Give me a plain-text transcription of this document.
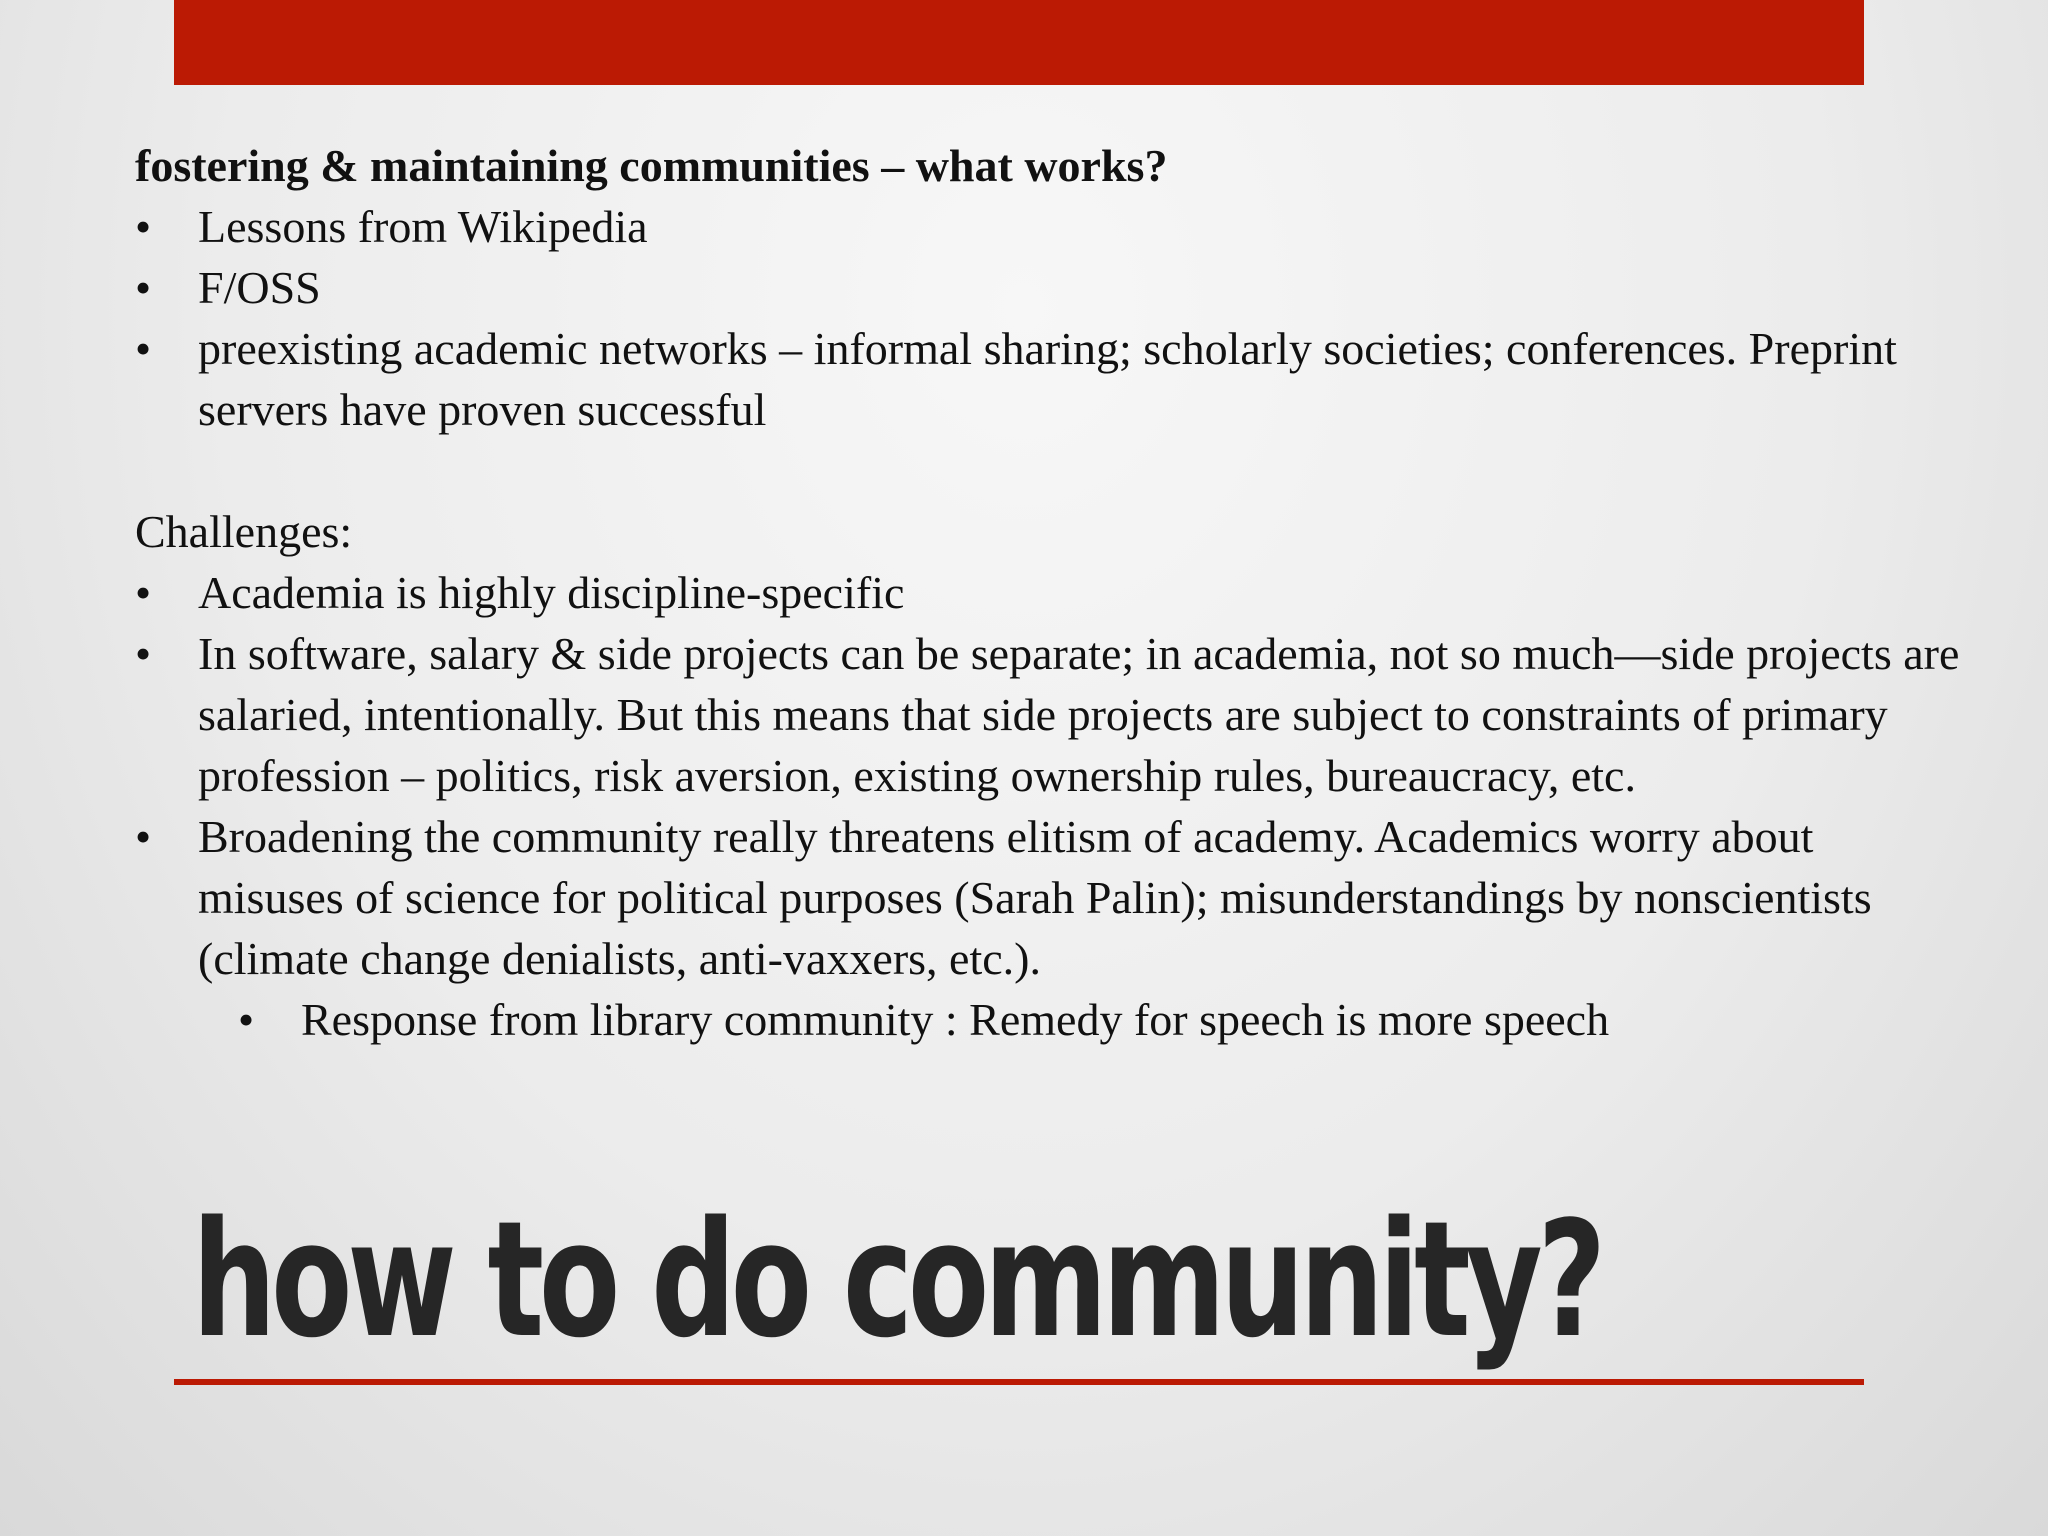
fostering & maintaining communities – what works?

• Lessons from Wikipedia
• F/OSS
• preexisting academic networks – informal sharing; scholarly societies; conferences. Preprint servers have proven successful

Challenges:

• Academia is highly discipline-specific
• In software, salary & side projects can be separate; in academia, not so much—side projects are salaried, intentionally. But this means that side projects are subject to constraints of primary profession – politics, risk aversion, existing ownership rules, bureaucracy, etc.
• Broadening the community really threatens elitism of academy. Academics worry about misuses of science for political purposes (Sarah Palin); misunderstandings by nonscientists (climate change denialists, anti-vaxxers, etc.).
• Response from library community : Remedy for speech is more speech
how to do community?
